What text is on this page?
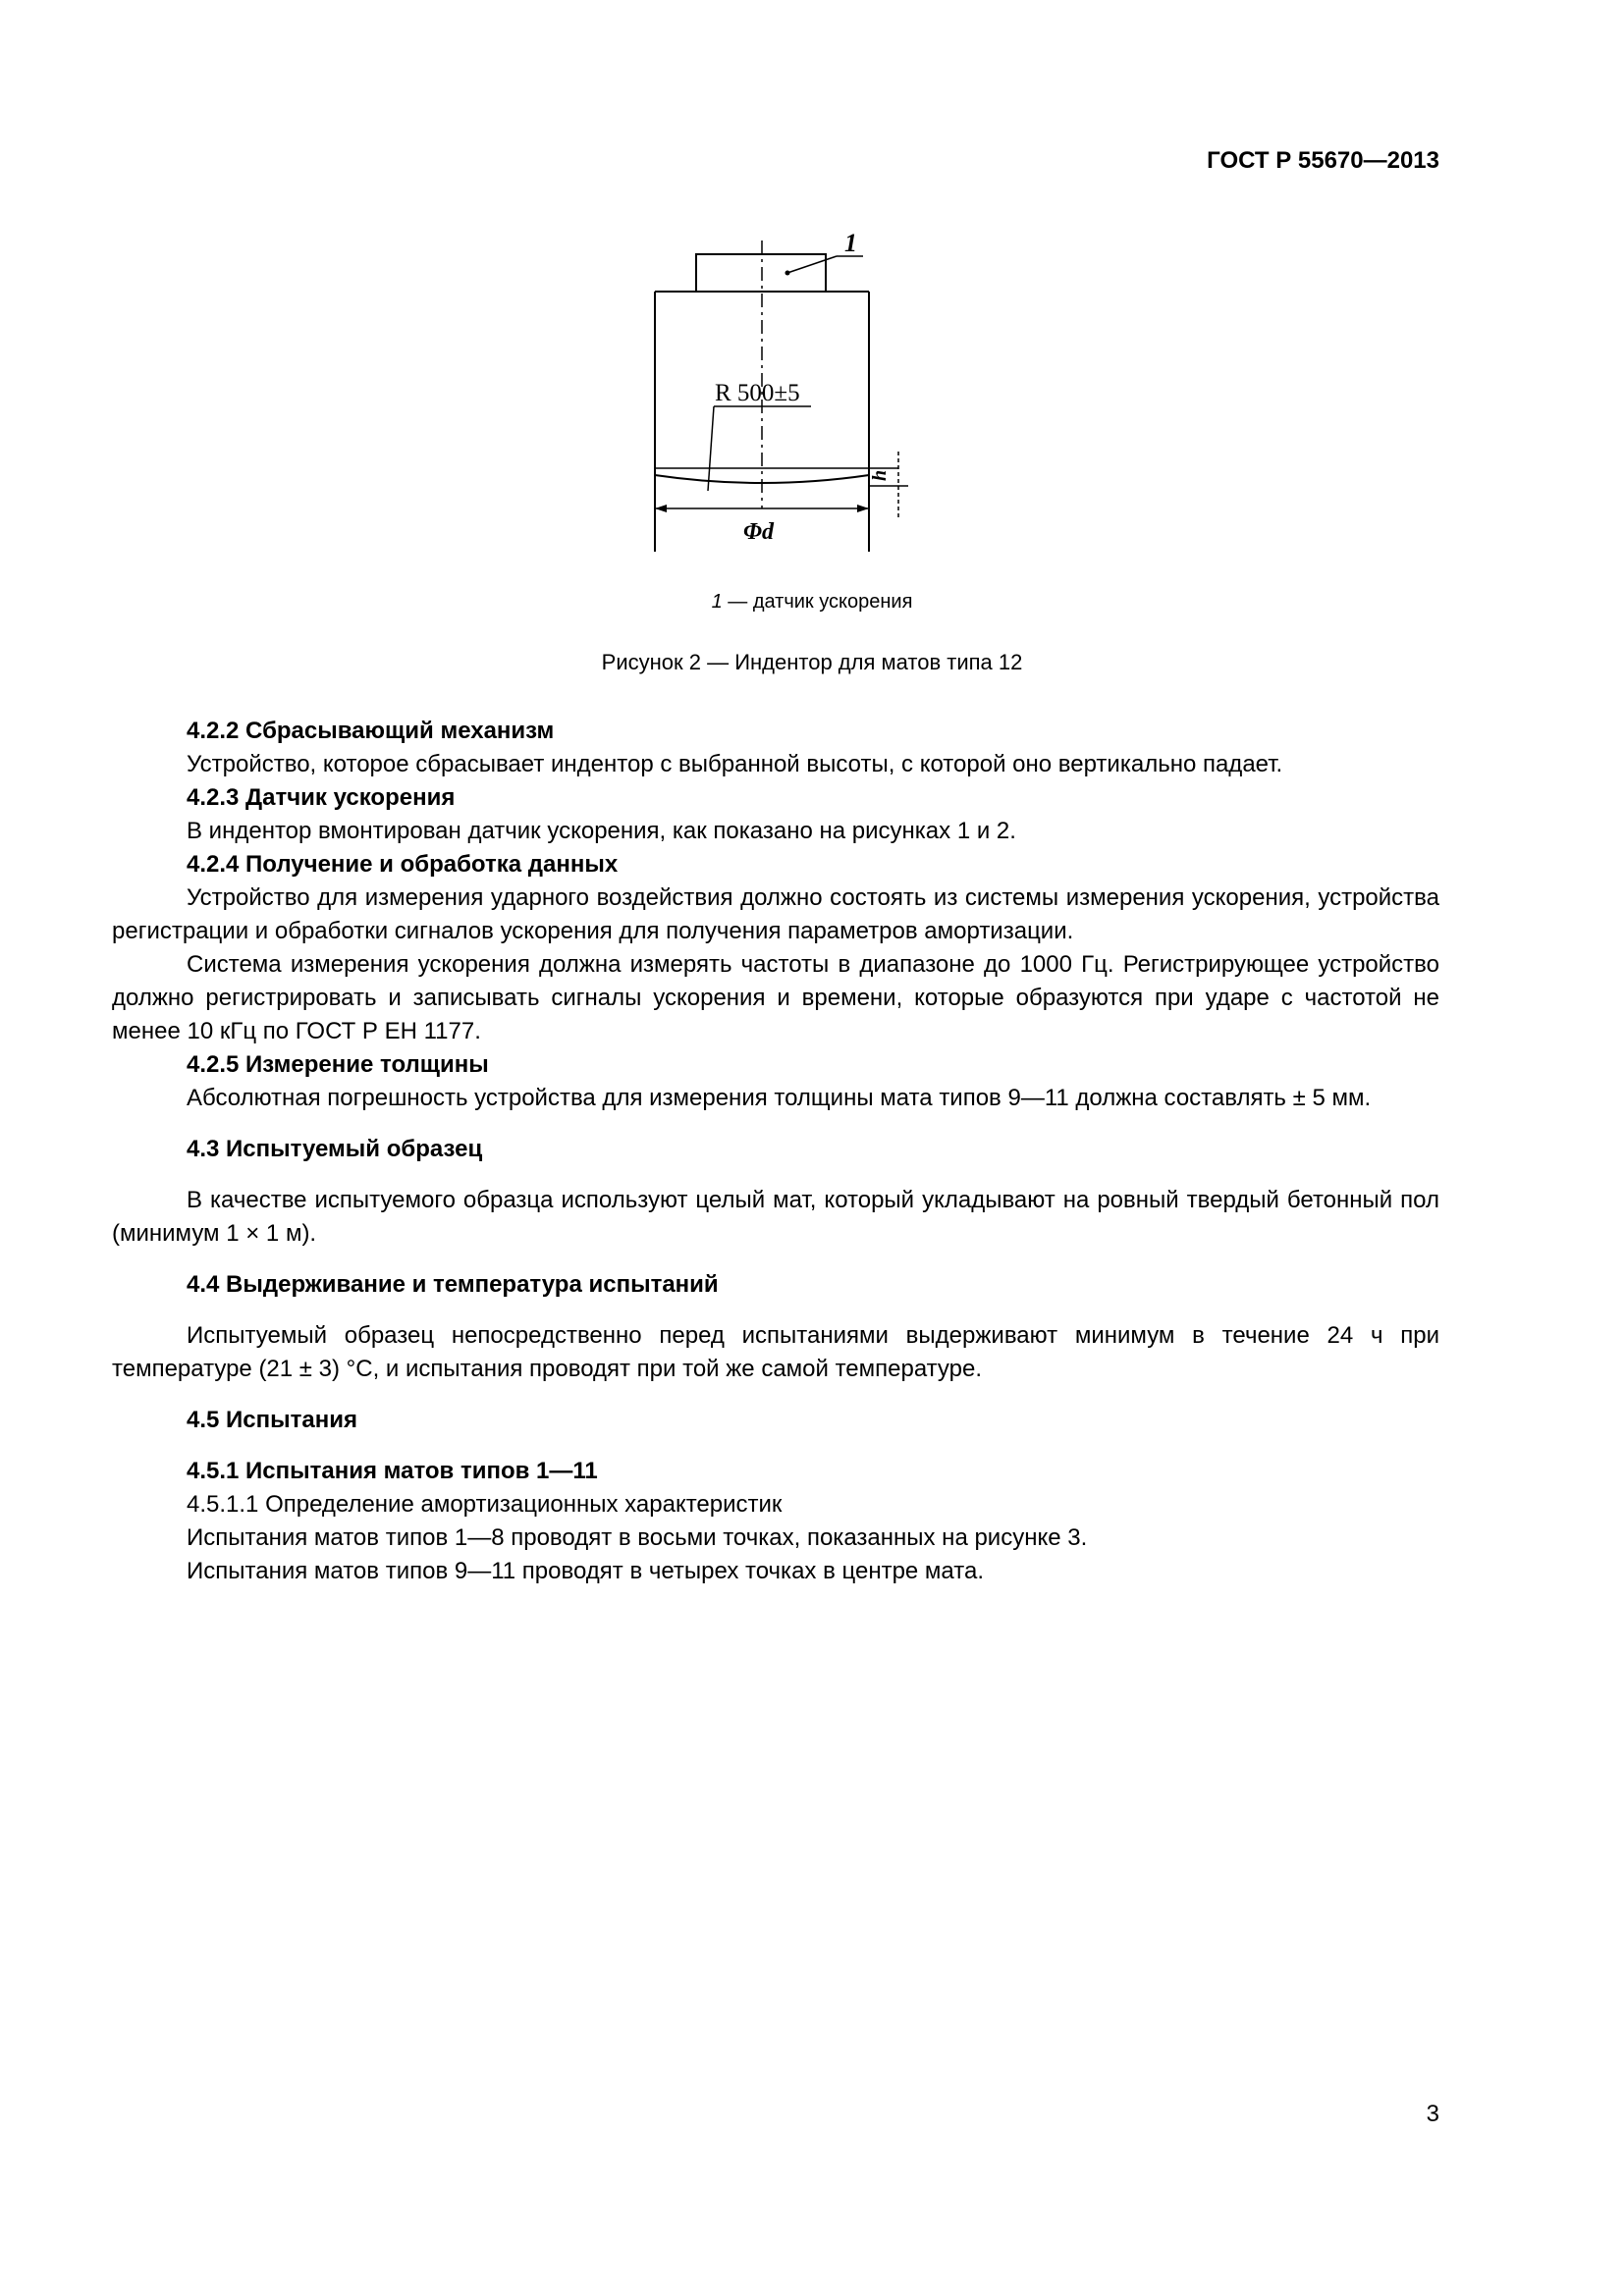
ГОСТ Р 55670—2013
1
R 500±5
h
Φd
1 — датчик ускорения
Рисунок 2 — Индентор для матов типа 12

4.2.2 Сбрасывающий механизм

Устройство, которое сбрасывает индентор с выбранной высоты, с которой оно вертикально падает.

4.2.3 Датчик ускорения

В индентор вмонтирован датчик ускорения, как показано на рисунках 1 и 2.

4.2.4 Получение и обработка данных

Устройство для измерения ударного воздействия должно состоять из системы измерения ускорения, устройства регистрации и обработки сигналов ускорения для получения параметров амортизации.

Система измерения ускорения должна измерять частоты в диапазоне до 1000 Гц. Регистрирующее устройство должно регистрировать и записывать сигналы ускорения и времени, которые образуются при ударе с частотой не менее 10 кГц по ГОСТ Р ЕН 1177.

4.2.5 Измерение толщины

Абсолютная погрешность устройства для измерения толщины мата типов 9—11 должна составлять ± 5 мм.

4.3 Испытуемый образец

В качестве испытуемого образца используют целый мат, который укладывают на ровный твердый бетонный пол (минимум 1 × 1 м).

4.4 Выдерживание и температура испытаний

Испытуемый образец непосредственно перед испытаниями выдерживают минимум в течение 24 ч при температуре (21 ± 3) °C, и испытания проводят при той же самой температуре.

4.5 Испытания

4.5.1 Испытания матов типов 1—11

4.5.1.1 Определение амортизационных характеристик

Испытания матов типов 1—8 проводят в восьми точках, показанных на рисунке 3.

Испытания матов типов 9—11 проводят в четырех точках в центре мата.

3
